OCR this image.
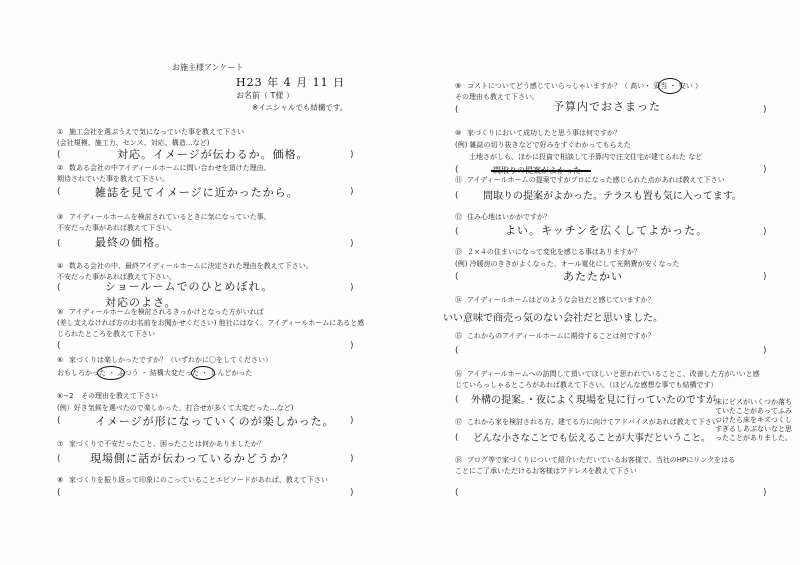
お施主様アンケート
H23 年 4 月 11 日
お名前（ T様 ）
※イニシャルでも結構です。
① 施工会社を選ぶうえで気になっていた事を教えて下さい
(会社規模、施工力、センス、対応、構造…など)
(	対応。イメージが伝わるか。価格。	)
② 数ある会社の中アイディールホームに問い合わせを頂けた理由、
期待されていた事を教えて下さい。
(	雑誌を見てイメージに近かったから。	)
③ アイディールホームを検討されているときに気になっていた事、
不安だった事があれば教えて下さい。
(	最終の価格。	)
④ 数ある会社の中、最終アイディールホームに決定された理由を教えて下さい。
不安だった事があれば教えて下さい。
(	ショールームでのひとめぼれ。
対応のよさ。
)
⑤ アイディールホームを検討されるきっかけとなった方がいれば
(差し支えなければ方のお名前をお聞かせください) 他社にはなく、アイディールホームにあると感
じられたところを教えて下さい
(	)
⑥ 家づくりは楽しかったですか？（いずれかに〇をしてください）
おもしろかった ・ ふつう ・ 結構大変だった ・ しんどかった
⑥−2 その理由を教えて下さい
(例）好き気候を選べたので楽しかった、打合せが多くて大変だった…など)
(	イメージが形になっていくのが楽しかった。 )
⑦ 家づくりで不安だったこと、困ったことは何かありましたか？
(	現場側に話が伝わっているかどうか？	)
⑧ 家づくりを振り返って印象にのこっていることエピソードがあれば、教えて下さい
(	)
⑨ コストについてどう感じていらっしゃいますか？（ 高い・ 妥当 ・ 安い ）
その理由も教えて下さい。
(	予算内でおさまった	)
⑩ 家づくりにおいて成功したと思う事は何ですか？
(例) 雑誌の切り抜きなどで好みをすぐわかってもらえた
土地さがしも、ほかに投資で相談して予算内で注文住宅が建てられた など
(	)
⑪ アイディールホームの提案ですがプロになった感じられた点があれば教えて下さい
( 間取りの提案がよかった。テラスも置も気に入ってます。
⑫ 住み心地はいかがですか？
(	よい。キッチンを広くしてよかった。	)
⑬ ２×４の住まいになって変化を感じる事はありますか？
(例) 冷暖房のききがよくなった、オール電化にして光熱費が安くなった
(	あたたかい	)
⑭ アイディールホームはどのような会社だと感じていますか？
いい意味で商売っ気のない会社だと思いました。
⑮ これからのアイディールホームに期待することは何ですか？
(	)
⑯ アイディールホームへの訪問して頂いてほしいと思われていることこ、改善した方がいいと感
じていらっしゃるところがあれば教えて下さい。（ほどんな感想な事でも結構です）
( 外構の提案。・夜によく現場を見に行っていたのですが 床にビスがいくつか落ちていたことがあってふみつけたら床をキズつくしすぎるしあぶないなと思ったことがありました。
⑰ これから家を検討される方、建てる方に向けてアドバイスがあれば教えて下さい
( どんな小さなことでも伝えることが大事だということ。
⑱ ブログ等で家づくりについて紹介いただいているお客様で、当社のHPにリンクをはる
ことにご了承いただけるお客様はアドレスを教えて下さい
(	)
